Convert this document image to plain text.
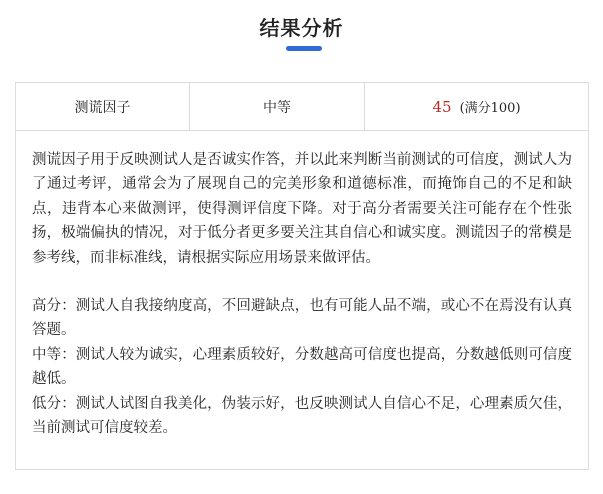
结果分析
测谎因子	中等	45 (满分100)

测谎因子用于反映测试人是否诚实作答，并以此来判断当前测试的可信度，测试人为了通过考评，通常会为了展现自己的完美形象和道德标准，而掩饰自己的不足和缺点，违背本心来做测评，使得测评信度下降。对于高分者需要关注可能存在个性张扬，极端偏执的情况，对于低分者更多要关注其自信心和诚实度。测谎因子的常模是参考线，而非标准线，请根据实际应用场景来做评估。

高分：测试人自我接纳度高，不回避缺点，也有可能人品不端，或心不在焉没有认真答题。

中等：测试人较为诚实，心理素质较好，分数越高可信度也提高，分数越低则可信度越低。

低分：测试人试图自我美化，伪装示好，也反映测试人自信心不足，心理素质欠佳，当前测试可信度较差。
